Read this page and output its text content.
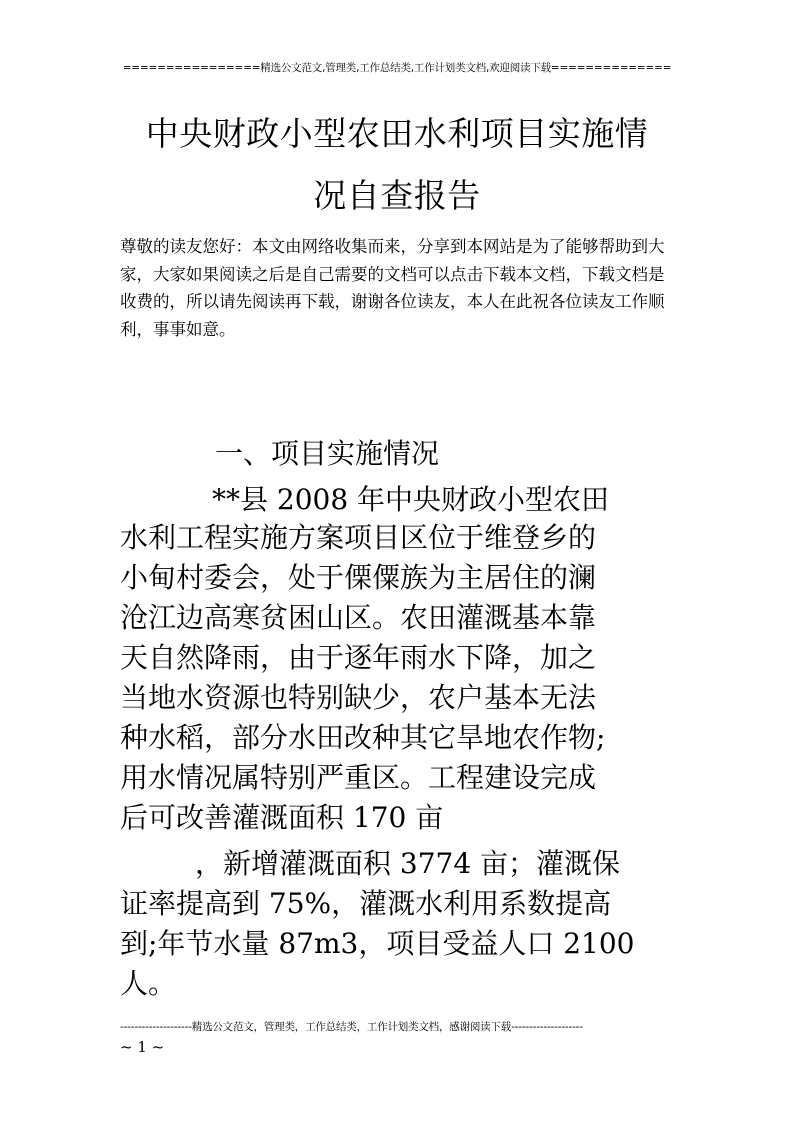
================精选公文范文,管理类,工作总结类,工作计划类文档,欢迎阅读下载==============
中央财政小型农田水利项目实施情
况自查报告
尊敬的读友您好：本文由网络收集而来，分享到本网站是为了能够帮助到大
家，大家如果阅读之后是自己需要的文档可以点击下载本文档，下载文档是
收费的，所以请先阅读再下载，谢谢各位读友，本人在此祝各位读友工作顺
利，事事如意。
一、项目实施情况
**县 2008 年中央财政小型农田
水利工程实施方案项目区位于维登乡的
小甸村委会，处于傈僳族为主居住的澜
沧江边高寒贫困山区。农田灌溉基本靠
天自然降雨，由于逐年雨水下降，加之
当地水资源也特别缺少，农户基本无法
种水稻，部分水田改种其它旱地农作物;
用水情况属特别严重区。工程建设完成
后可改善灌溉面积 170 亩
，新增灌溉面积 3774 亩；灌溉保
证率提高到 75%，灌溉水利用系数提高
到;年节水量 87m3，项目受益人口 2100
人。
--------------------精选公文范文，管理类，工作总结类，工作计划类文档，感谢阅读下载--------------------
~ 1 ~
